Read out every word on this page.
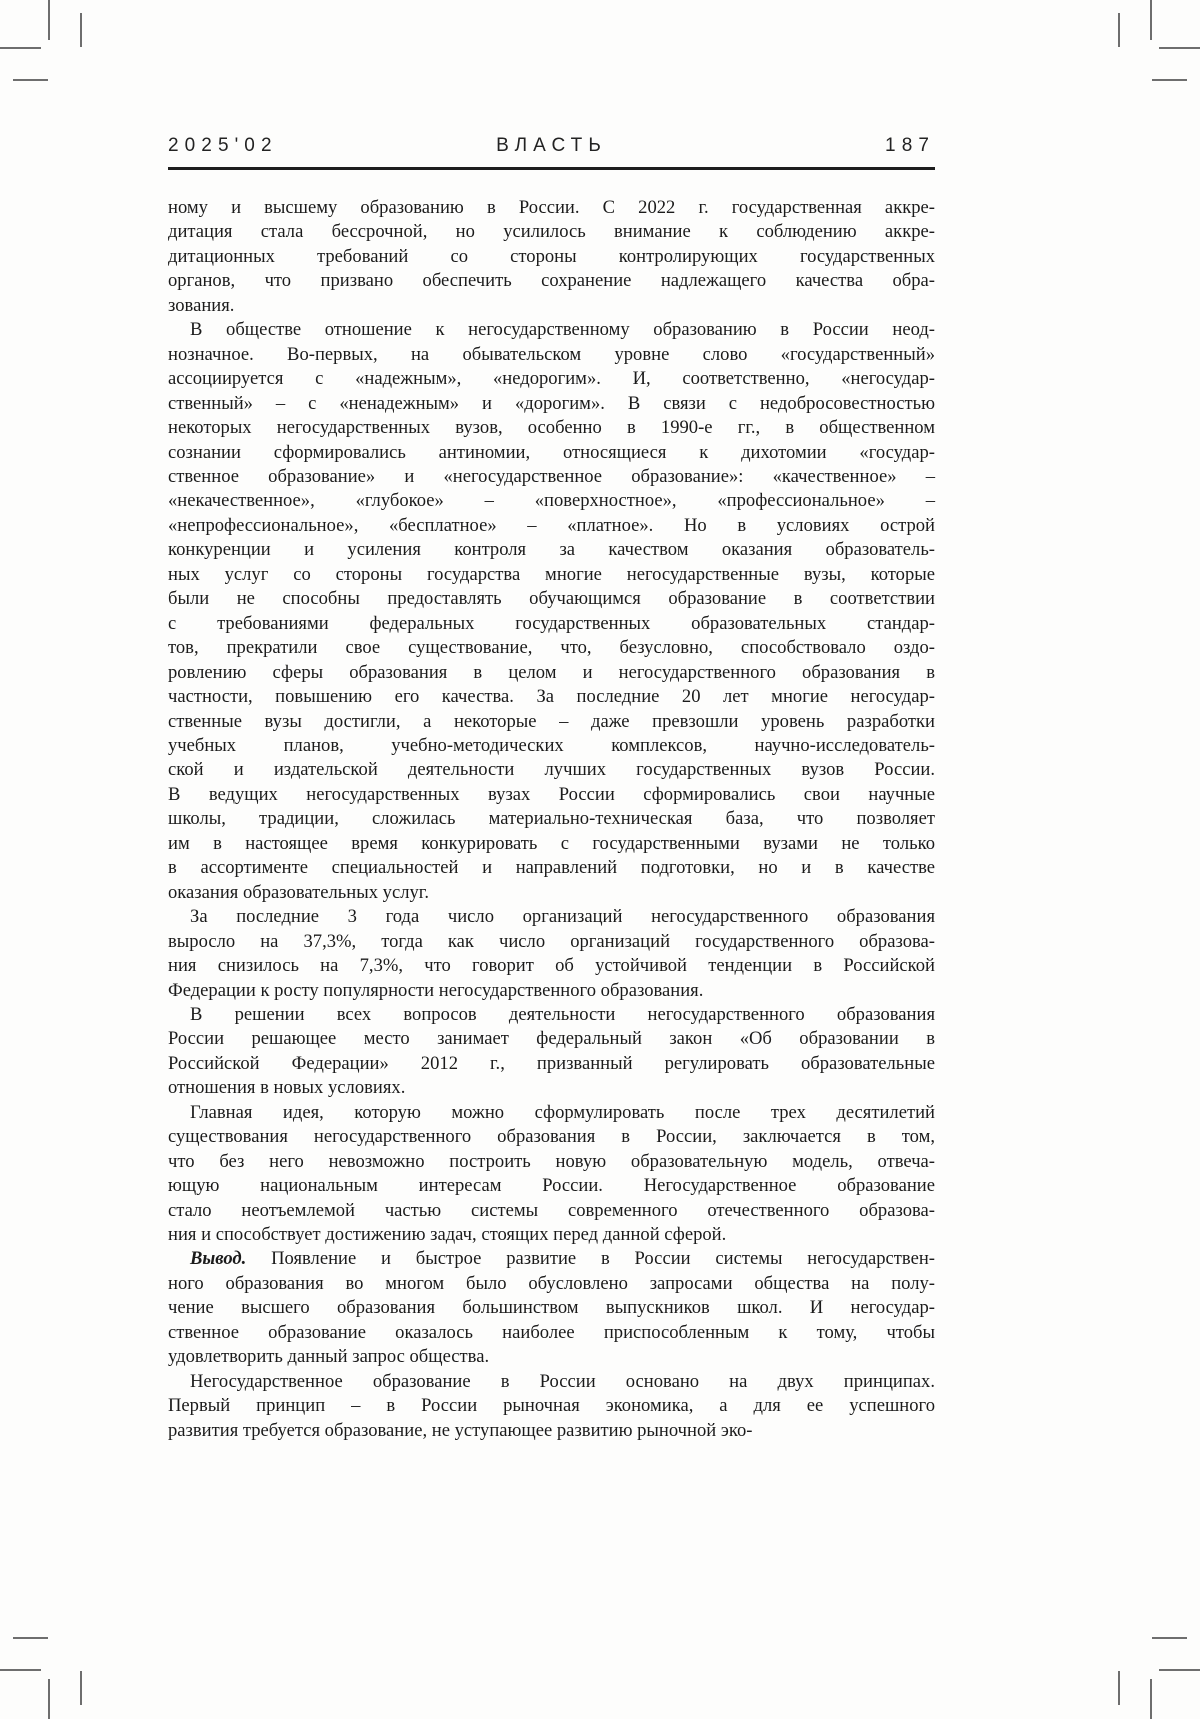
2025'02	ВЛАСТЬ	187
ному и высшему образованию в России. С 2022 г. государственная аккре-
дитация стала бессрочной, но усилилось внимание к соблюдению аккре-
дитационных требований со стороны контролирующих государственных
органов, что призвано обеспечить сохранение надлежащего качества обра-
зования.
В обществе отношение к негосударственному образованию в России неод-
нозначное. Во-первых, на обывательском уровне слово «государственный»
ассоциируется с «надежным», «недорогим». И, соответственно, «негосудар-
ственный» – с «ненадежным» и «дорогим». В связи с недобросовестностью
некоторых негосударственных вузов, особенно в 1990-е гг., в общественном
сознании сформировались антиномии, относящиеся к дихотомии «государ-
ственное образование» и «негосударственное образование»: «качественное» –
«некачественное», «глубокое» – «поверхностное», «профессиональное» –
«непрофессиональное», «бесплатное» – «платное». Но в условиях острой
конкуренции и усиления контроля за качеством оказания образователь-
ных услуг со стороны государства многие негосударственные вузы, которые
были не способны предоставлять обучающимся образование в соответствии
с требованиями федеральных государственных образовательных стандар-
тов, прекратили свое существование, что, безусловно, способствовало оздо-
ровлению сферы образования в целом и негосударственного образования в
частности, повышению его качества. За последние 20 лет многие негосудар-
ственные вузы достигли, а некоторые – даже превзошли уровень разработки
учебных планов, учебно-методических комплексов, научно-исследователь-
ской и издательской деятельности лучших государственных вузов России.
В ведущих негосударственных вузах России сформировались свои научные
школы, традиции, сложилась материально-техническая база, что позволяет
им в настоящее время конкурировать с государственными вузами не только
в ассортименте специальностей и направлений подготовки, но и в качестве
оказания образовательных услуг.
За последние 3 года число организаций негосударственного образования
выросло на 37,3%, тогда как число организаций государственного образова-
ния снизилось на 7,3%, что говорит об устойчивой тенденции в Российской
Федерации к росту популярности негосударственного образования.
В решении всех вопросов деятельности негосударственного образования
России решающее место занимает федеральный закон «Об образовании в
Российской Федерации» 2012 г., призванный регулировать образовательные
отношения в новых условиях.
Главная идея, которую можно сформулировать после трех десятилетий
существования негосударственного образования в России, заключается в том,
что без него невозможно построить новую образовательную модель, отвеча-
ющую национальным интересам России. Негосударственное образование
стало неотъемлемой частью системы современного отечественного образова-
ния и способствует достижению задач, стоящих перед данной сферой.
Вывод. Появление и быстрое развитие в России системы негосударствен-
ного образования во многом было обусловлено запросами общества на полу-
чение высшего образования большинством выпускников школ. И негосудар-
ственное образование оказалось наиболее приспособленным к тому, чтобы
удовлетворить данный запрос общества.
Негосударственное образование в России основано на двух принципах.
Первый принцип – в России рыночная экономика, а для ее успешного
развития требуется образование, не уступающее развитию рыночной эко-
